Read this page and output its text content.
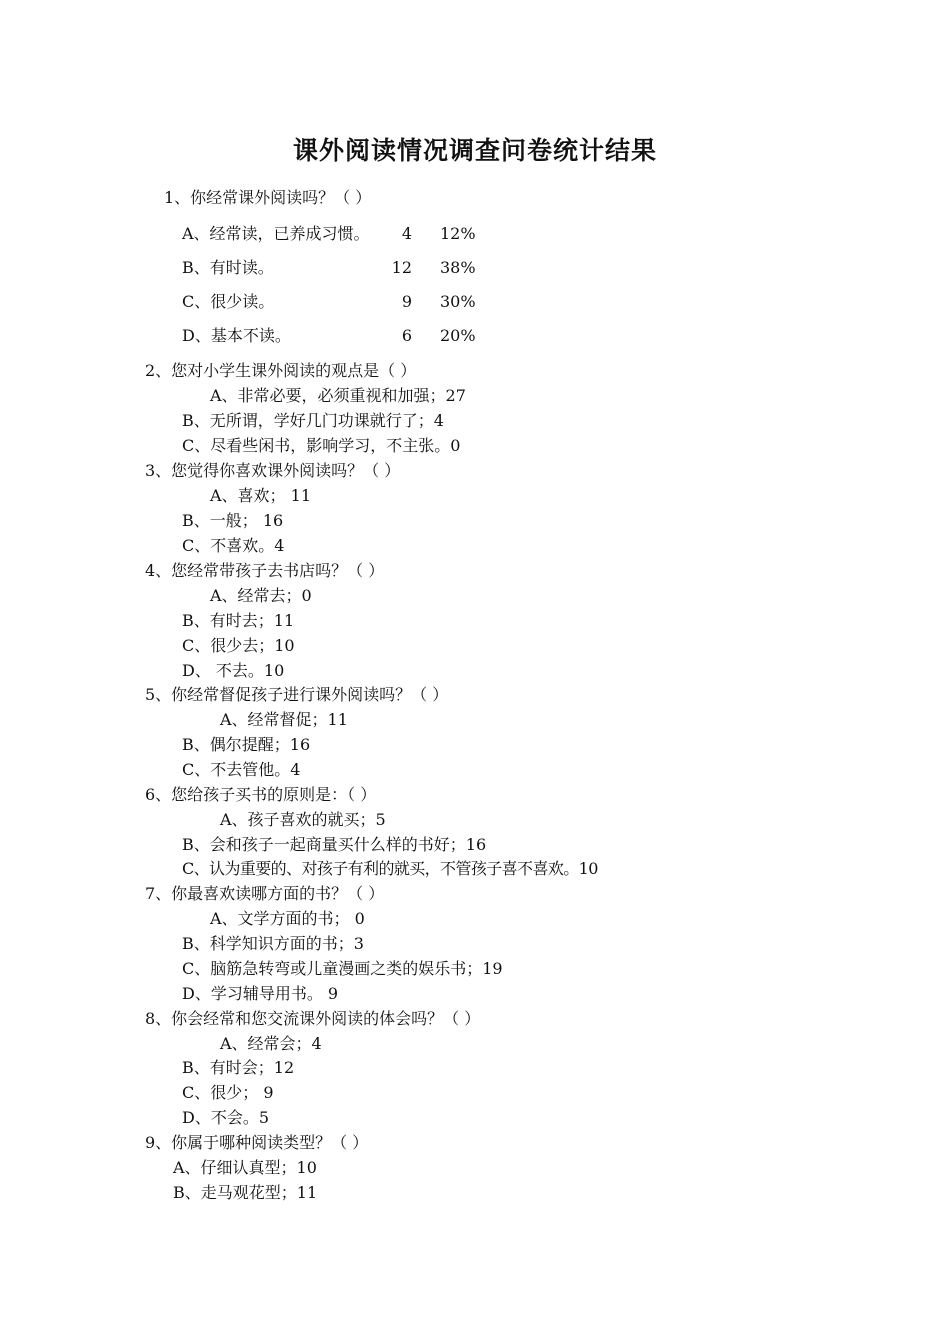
课外阅读情况调查问卷统计结果
1、你经常课外阅读吗？（ ）
A、经常读，已养成习惯。	4 12%
B、有时读。	12 38%
C、很少读。	9 30%
D、基本不读。	6 20%
2、您对小学生课外阅读的观点是（ ）
A、非常必要，必须重视和加强；27
B、无所谓，学好几门功课就行了；4
C、尽看些闲书，影响学习，不主张。0
3、您觉得你喜欢课外阅读吗？（ ）
A、喜欢； 11
B、一般； 16
C、不喜欢。4
4、您经常带孩子去书店吗？（ ）
A、经常去；0
B、有时去；11
C、很少去；10
D、 不去。10
5、你经常督促孩子进行课外阅读吗？（ ）
A、经常督促；11
B、偶尔提醒；16
C、不去管他。4
6、您给孩子买书的原则是：（ ）
A、孩子喜欢的就买；5
B、会和孩子一起商量买什么样的书好；16
C、认为重要的、对孩子有利的就买，不管孩子喜不喜欢。10
7、你最喜欢读哪方面的书？（ ）
A、文学方面的书； 0
B、科学知识方面的书；3
C、脑筋急转弯或儿童漫画之类的娱乐书；19
D、学习辅导用书。 9
8、你会经常和您交流课外阅读的体会吗？（ ）
A、经常会；4
B、有时会；12
C、很少； 9
D、不会。5
9、你属于哪种阅读类型？（ ）
A、仔细认真型；10
B、走马观花型；11
